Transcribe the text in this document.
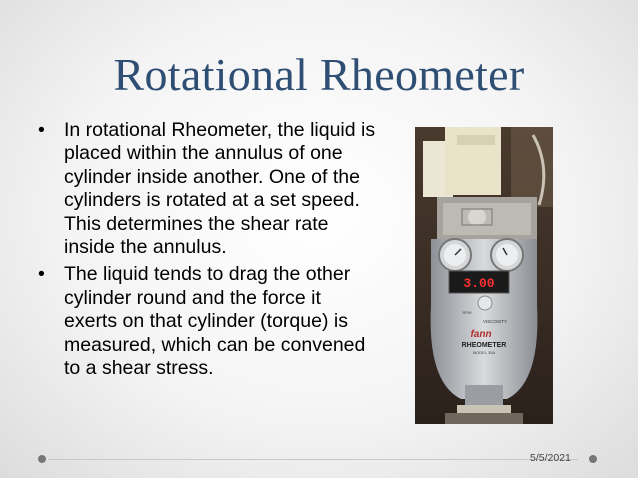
Rotational Rheometer
• In rotational Rheometer, the liquid is placed within the annulus of one cylinder inside another. One of the cylinders is rotated at a set speed. This determines the shear rate inside the annulus.
• The liquid tends to drag the other cylinder round and the force it exerts on that cylinder (torque) is measured, which can be convened to a shear stress.
3.00
RPM
VISCOSITY
fann
RHEOMETER
MODEL 35A
5/5/2021
